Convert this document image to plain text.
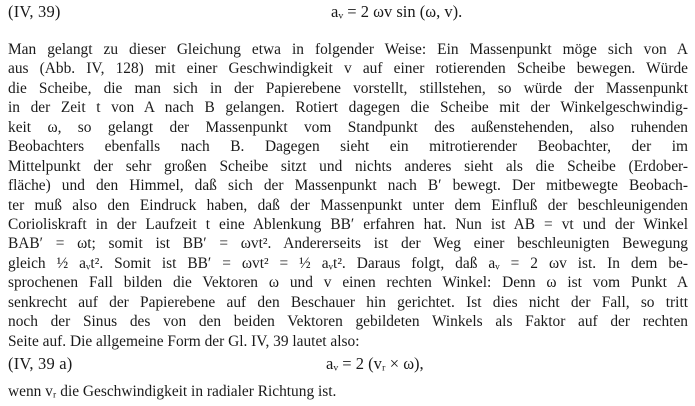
(IV, 39)	aᵥ = 2 ωv sin (ω, v).
Man gelangt zu dieser Gleichung etwa in folgender Weise: Ein Massenpunkt möge sich von A
aus (Abb. IV, 128) mit einer Geschwindigkeit v auf einer rotierenden Scheibe bewegen. Würde
die Scheibe, die man sich in der Papierebene vorstellt, stillstehen, so würde der Massenpunkt
in der Zeit t von A nach B gelangen. Rotiert dagegen die Scheibe mit der Winkelgeschwindig-
keit ω, so gelangt der Massenpunkt vom Standpunkt des außenstehenden, also ruhenden
Beobachters ebenfalls nach B. Dagegen sieht ein mitrotierender Beobachter, der im
Mittelpunkt der sehr großen Scheibe sitzt und nichts anderes sieht als die Scheibe (Erdober-
fläche) und den Himmel, daß sich der Massenpunkt nach B′ bewegt. Der mitbewegte Beobach-
ter muß also den Eindruck haben, daß der Massenpunkt unter dem Einfluß der beschleunigenden
Corioliskraft in der Laufzeit t eine Ablenkung BB′ erfahren hat. Nun ist AB = vt und der Winkel
BAB′ = ωt; somit ist BB′ = ωvt². Andererseits ist der Weg einer beschleunigten Bewegung
gleich ½ aᵥt². Somit ist BB′ = ωvt² = ½ aᵥt². Daraus folgt, daß aᵥ = 2 ωv ist. In dem be-
sprochenen Fall bilden die Vektoren ω und v einen rechten Winkel: Denn ω ist vom Punkt A
senkrecht auf der Papierebene auf den Beschauer hin gerichtet. Ist dies nicht der Fall, so tritt
noch der Sinus des von den beiden Vektoren gebildeten Winkels als Faktor auf der rechten
Seite auf. Die allgemeine Form der Gl. IV, 39 lautet also:
(IV, 39 a)	aᵥ = 2 (vᵣ × ω),
wenn vᵣ die Geschwindigkeit in radialer Richtung ist.
